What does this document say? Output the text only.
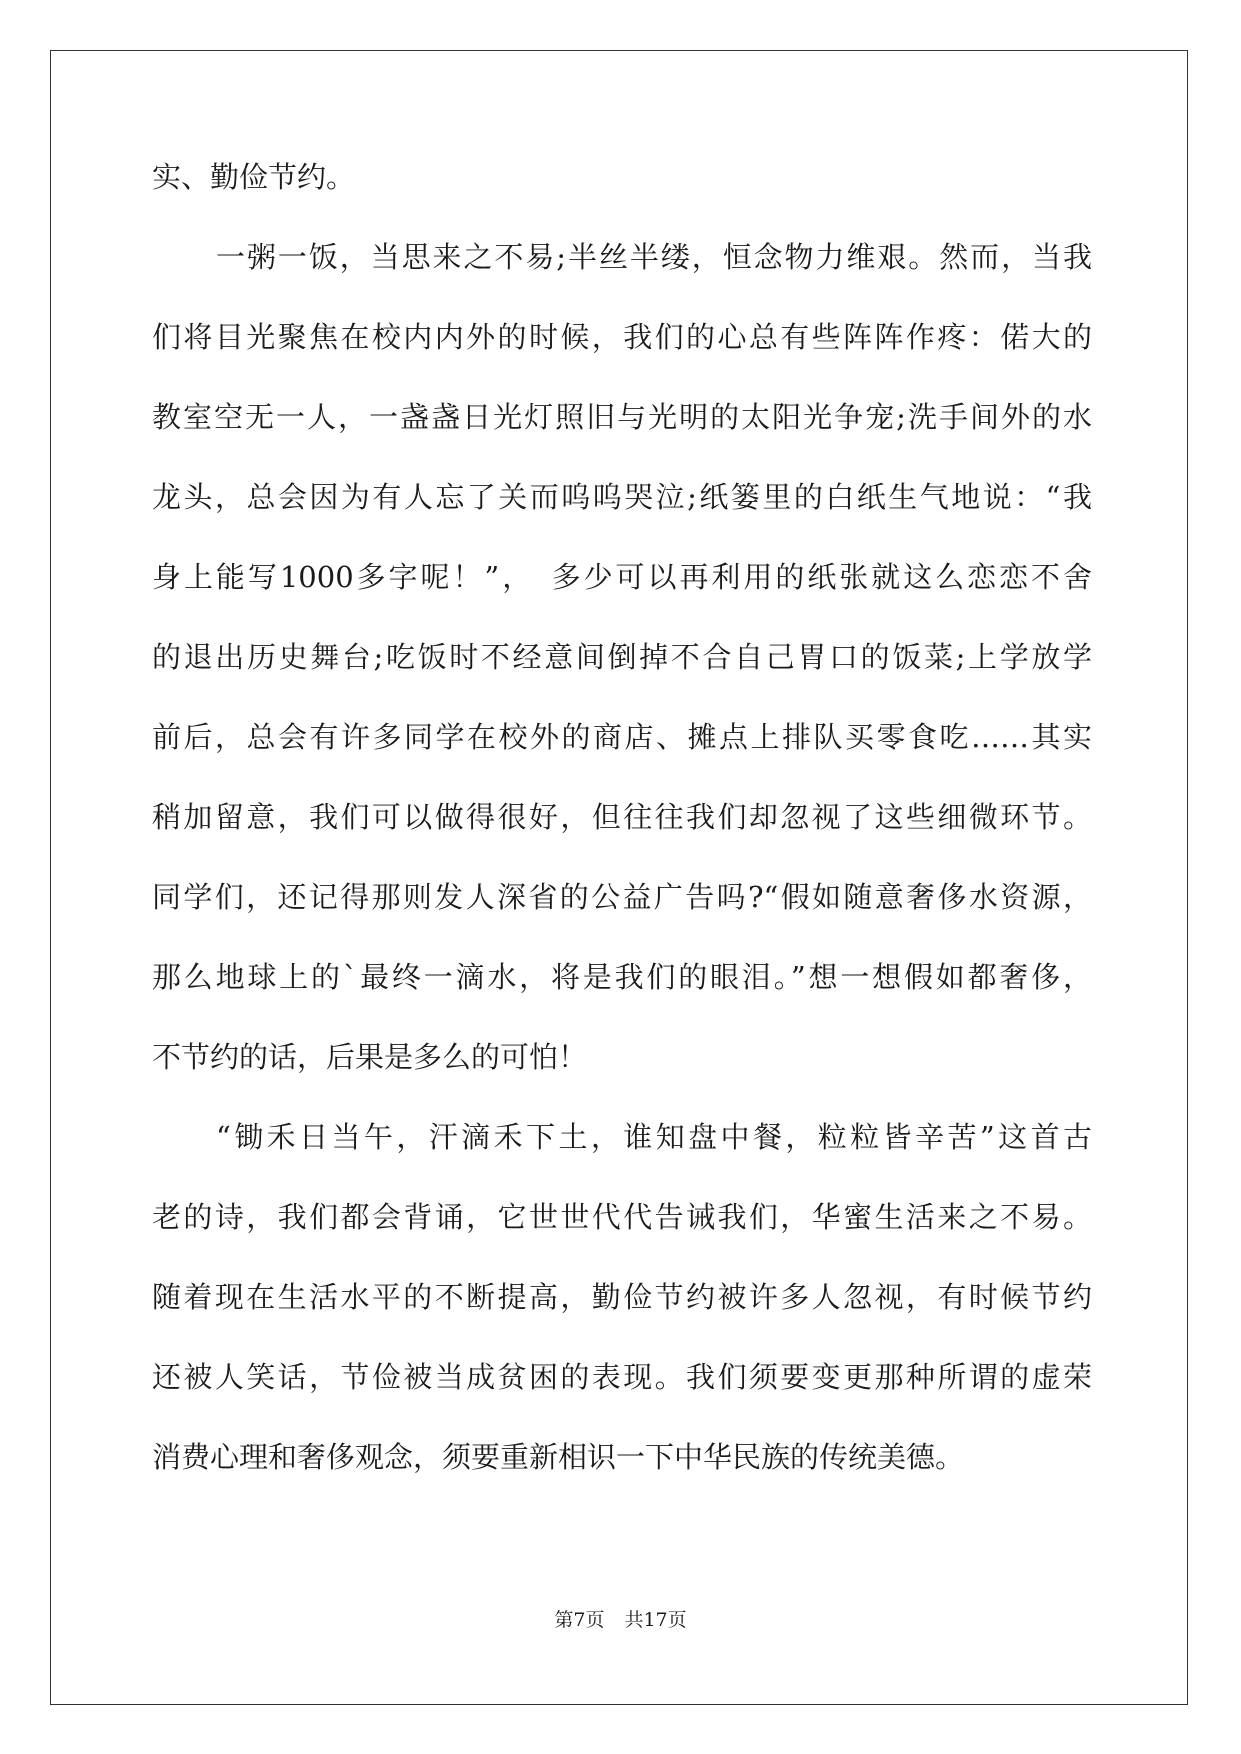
实、勤俭节约。
一粥一饭，当思来之不易;半丝半缕，恒念物力维艰。然而，当我
们将目光聚焦在校内内外的时候，我们的心总有些阵阵作疼：偌大的
教室空无一人，一盏盏日光灯照旧与光明的太阳光争宠;洗手间外的水
龙头，总会因为有人忘了关而呜呜哭泣;纸篓里的白纸生气地说：“我
身上能写1000多字呢！”，　多少可以再利用的纸张就这么恋恋不舍
的退出历史舞台;吃饭时不经意间倒掉不合自己胃口的饭菜;上学放学
前后，总会有许多同学在校外的商店、摊点上排队买零食吃……其实
稍加留意，我们可以做得很好，但往往我们却忽视了这些细微环节。
同学们，还记得那则发人深省的公益广告吗?“假如随意奢侈水资源，
那么地球上的`最终一滴水，将是我们的眼泪。”想一想假如都奢侈，
不节约的话，后果是多么的可怕！
“锄禾日当午，汗滴禾下土，谁知盘中餐，粒粒皆辛苦”这首古
老的诗，我们都会背诵，它世世代代告诫我们，华蜜生活来之不易。
随着现在生活水平的不断提高，勤俭节约被许多人忽视，有时候节约
还被人笑话，节俭被当成贫困的表现。我们须要变更那种所谓的虚荣
消费心理和奢侈观念，须要重新相识一下中华民族的传统美德。
第7页 共17页
